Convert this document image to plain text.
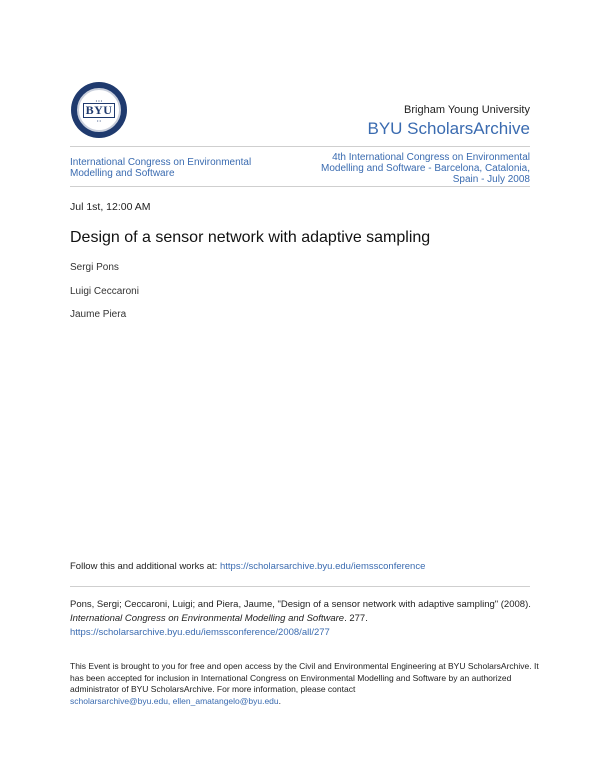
• • •
BYU
• •
Brigham Young University
BYU ScholarsArchive
International Congress on Environmental Modelling and Software
4th International Congress on Environmental
Modelling and Software - Barcelona, Catalonia,
Spain - July 2008
Jul 1st, 12:00 AM
Design of a sensor network with adaptive sampling
Sergi Pons
Luigi Ceccaroni
Jaume Piera
Follow this and additional works at: https://scholarsarchive.byu.edu/iemssconference
Pons, Sergi; Ceccaroni, Luigi; and Piera, Jaume, "Design of a sensor network with adaptive sampling" (2008). International Congress on Environmental Modelling and Software. 277.
https://scholarsarchive.byu.edu/iemssconference/2008/all/277
This Event is brought to you for free and open access by the Civil and Environmental Engineering at BYU ScholarsArchive. It has been accepted for inclusion in International Congress on Environmental Modelling and Software by an authorized administrator of BYU ScholarsArchive. For more information, please contact
scholarsarchive@byu.edu, ellen_amatangelo@byu.edu.
